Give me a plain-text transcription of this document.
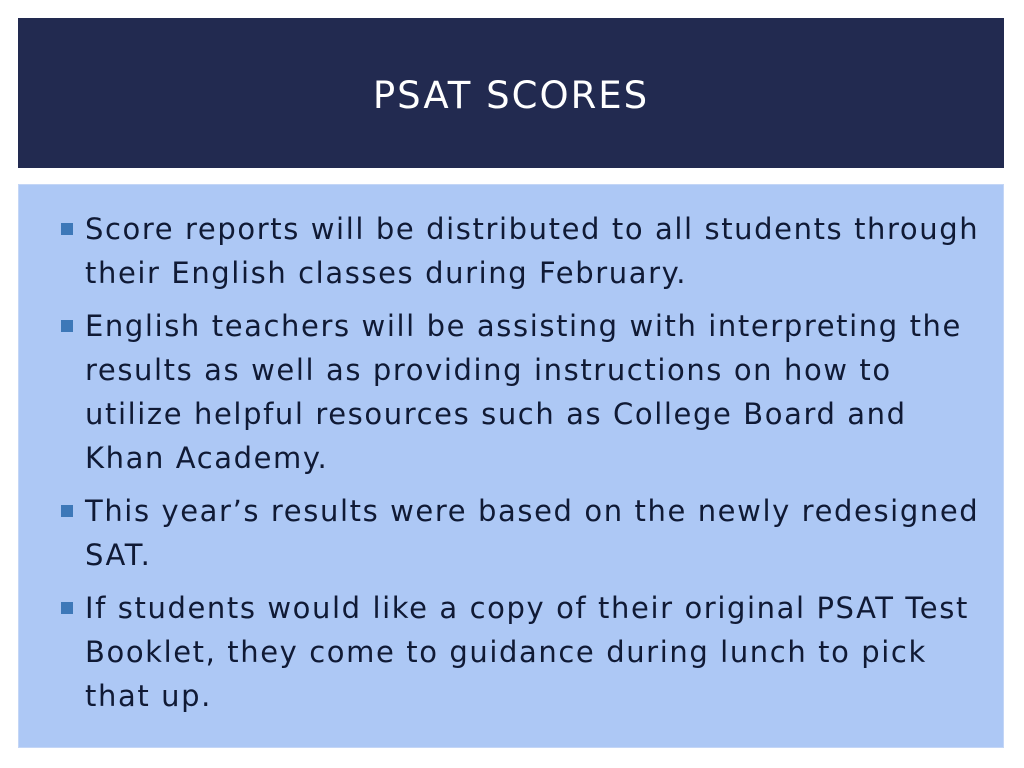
PSAT SCORES
Score reports will be distributed to all students through their English classes during February.
English teachers will be assisting with interpreting the results as well as providing instructions on how to utilize helpful resources such as College Board and Khan Academy.
This year’s results were based on the newly redesigned SAT.
If students would like a copy of their original PSAT Test Booklet, they come to guidance during lunch to pick that up.
